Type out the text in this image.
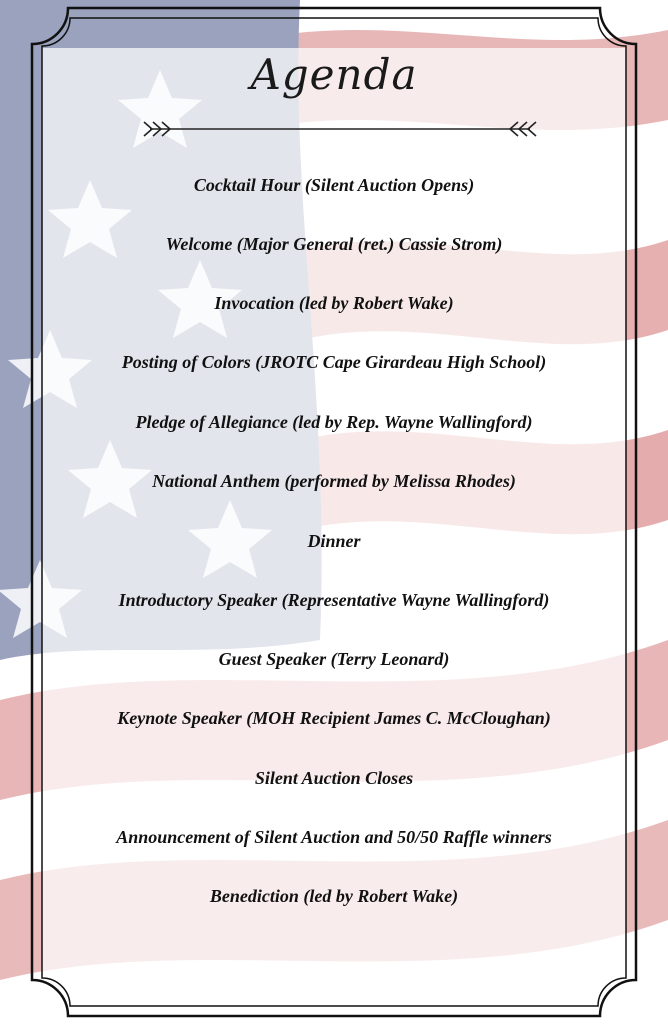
Agenda
Cocktail Hour (Silent Auction Opens)
Welcome (Major General (ret.) Cassie Strom)
Invocation (led by Robert Wake)
Posting of Colors (JROTC Cape Girardeau High School)
Pledge of Allegiance (led by Rep. Wayne Wallingford)
National Anthem (performed by Melissa Rhodes)
Dinner
Introductory Speaker (Representative Wayne Wallingford)
Guest Speaker (Terry Leonard)
Keynote Speaker (MOH Recipient James C. McCloughan)
Silent Auction Closes
Announcement of Silent Auction and 50/50 Raffle winners
Benediction (led by Robert Wake)
